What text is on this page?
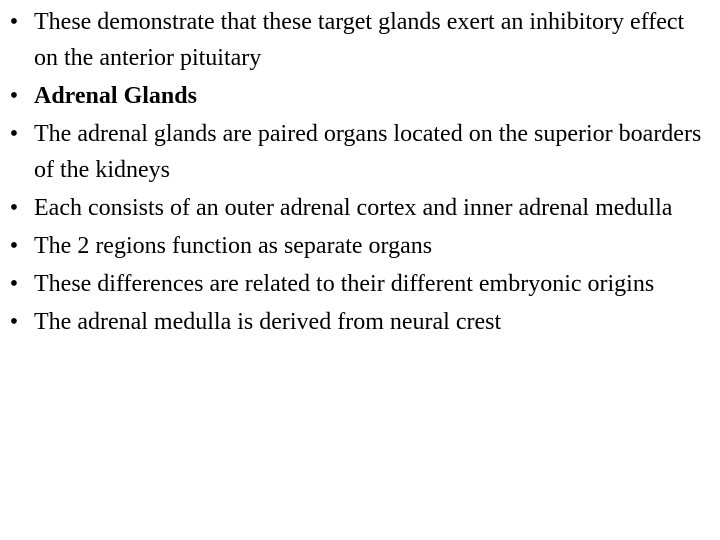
• These demonstrate that these target glands exert an inhibitory effect on the anterior pituitary
• Adrenal Glands
• The adrenal glands are paired organs located on the superior boarders of the kidneys
• Each consists of an outer adrenal cortex and inner adrenal medulla
• The 2 regions function as separate organs
• These differences are related to their different embryonic origins
• The adrenal medulla is derived from neural crest
